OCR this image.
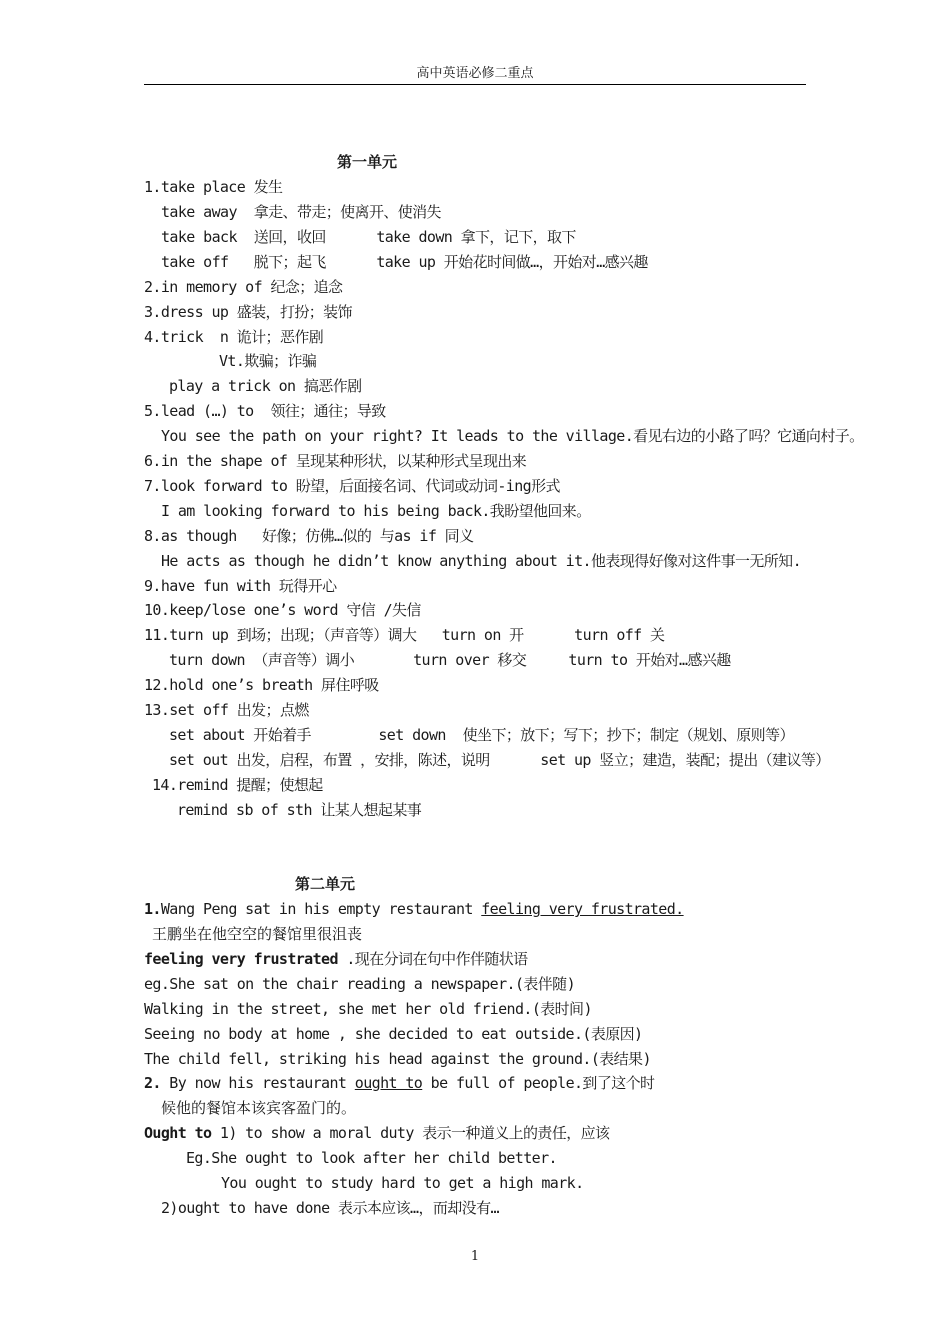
高中英语必修二重点
第一单元
1.take place 发生
take away  拿走、带走；使离开、使消失
take back  送回，收回      take down 拿下，记下，取下
take off   脱下；起飞      take up 开始花时间做…，开始对…感兴趣
2.in memory of 纪念；追念
3.dress up 盛装，打扮；装饰
4.trick  n 诡计；恶作剧
Vt.欺骗；诈骗
play a trick on 搞恶作剧
5.lead (…) to  领往；通往；导致
You see the path on your right? It leads to the village.看见右边的小路了吗？它通向村子。
6.in the shape of 呈现某种形状，以某种形式呈现出来
7.look forward to 盼望，后面接名词、代词或动词-ing形式
I am looking forward to his being back.我盼望他回来。
8.as though   好像；仿佛…似的 与as if 同义
He acts as though he didn’t know anything about it.他表现得好像对这件事一无所知.
9.have fun with 玩得开心
10.keep/lose one’s word 守信 /失信
11.turn up 到场；出现；（声音等）调大   turn on 开      turn off 关
turn down （声音等）调小       turn over 移交     turn to 开始对…感兴趣
12.hold one’s breath 屏住呼吸
13.set off 出发；点燃
set about 开始着手        set down  使坐下；放下；写下；抄下；制定（规划、原则等）
set out 出发，启程，布置 ，安排，陈述，说明      set up 竖立；建造，装配；提出（建议等）
14.remind 提醒；使想起
remind sb of sth 让某人想起某事
第二单元
1.Wang Peng sat in his empty restaurant feeling very frustrated.
王鹏坐在他空空的餐馆里很沮丧
feeling very frustrated .现在分词在句中作伴随状语
eg.She sat on the chair reading a newspaper.(表伴随)
Walking in the street, she met her old friend.(表时间)
Seeing no body at home , she decided to eat outside.(表原因)
The child fell, striking his head against the ground.(表结果)
2. By now his restaurant ought to be full of people.到了这个时
候他的餐馆本该宾客盈门的。
Ought to 1) to show a moral duty 表示一种道义上的责任，应该
Eg.She ought to look after her child better.
You ought to study hard to get a high mark.
2)ought to have done 表示本应该…，而却没有…
1
